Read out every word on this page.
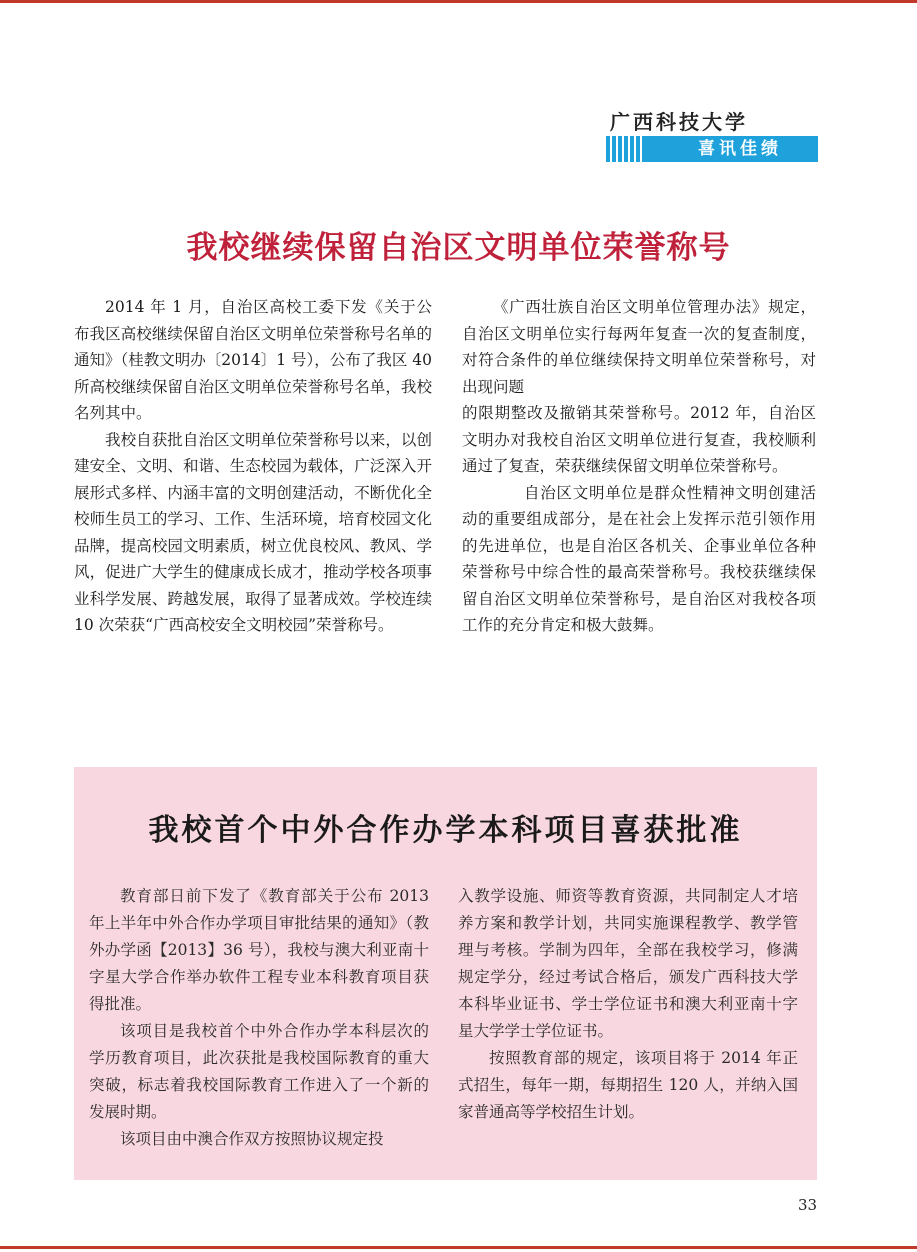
广西科技大学
喜讯佳绩
我校继续保留自治区文明单位荣誉称号

2014 年 1 月，自治区高校工委下发《关于公布我区高校继续保留自治区文明单位荣誉称号名单的通知》（桂教文明办〔2014〕1 号），公布了我区 40 所高校继续保留自治区文明单位荣誉称号名单，我校名列其中。

我校自获批自治区文明单位荣誉称号以来，以创建安全、文明、和谐、生态校园为载体，广泛深入开展形式多样、内涵丰富的文明创建活动，不断优化全校师生员工的学习、工作、生活环境，培育校园文化品牌，提高校园文明素质，树立优良校风、教风、学风，促进广大学生的健康成长成才，推动学校各项事业科学发展、跨越发展，取得了显著成效。学校连续 10 次荣获“广西高校安全文明校园”荣誉称号。

《广西壮族自治区文明单位管理办法》规定，自治区文明单位实行每两年复查一次的复查制度，对符合条件的单位继续保持文明单位荣誉称号，对出现问题

的限期整改及撤销其荣誉称号。2012 年，自治区文明办对我校自治区文明单位进行复查，我校顺利通过了复查，荣获继续保留文明单位荣誉称号。

自治区文明单位是群众性精神文明创建活动的重要组成部分，是在社会上发挥示范引领作用的先进单位，也是自治区各机关、企事业单位各种荣誉称号中综合性的最高荣誉称号。我校获继续保留自治区文明单位荣誉称号，是自治区对我校各项工作的充分肯定和极大鼓舞。

我校首个中外合作办学本科项目喜获批准

教育部日前下发了《教育部关于公布 2013 年上半年中外合作办学项目审批结果的通知》（教外办学函【2013】36 号），我校与澳大利亚南十字星大学合作举办软件工程专业本科教育项目获得批准。

该项目是我校首个中外合作办学本科层次的学历教育项目，此次获批是我校国际教育的重大突破，标志着我校国际教育工作进入了一个新的发展时期。

该项目由中澳合作双方按照协议规定投

入教学设施、师资等教育资源，共同制定人才培养方案和教学计划，共同实施课程教学、教学管理与考核。学制为四年，全部在我校学习，修满规定学分，经过考试合格后，颁发广西科技大学本科毕业证书、学士学位证书和澳大利亚南十字星大学学士学位证书。

按照教育部的规定，该项目将于 2014 年正式招生，每年一期，每期招生 120 人，并纳入国家普通高等学校招生计划。

33
